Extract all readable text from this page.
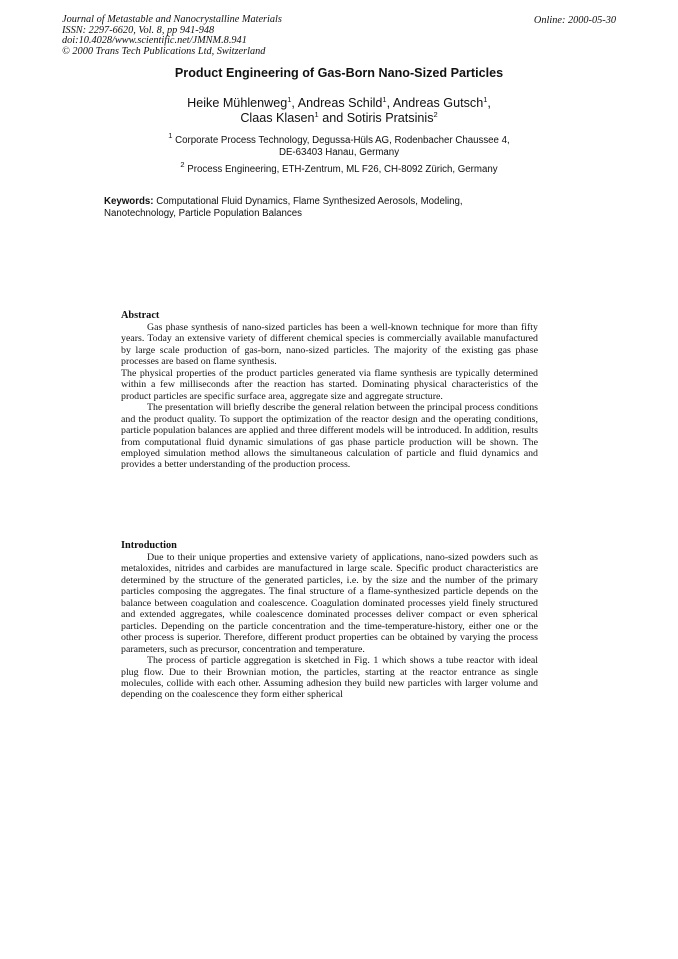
Journal of Metastable and Nanocrystalline Materials
ISSN: 2297-6620, Vol. 8, pp 941-948
doi:10.4028/www.scientific.net/JMNM.8.941
© 2000 Trans Tech Publications Ltd, Switzerland
Online: 2000-05-30
Product Engineering of Gas-Born Nano-Sized Particles
Heike Mühlenweg$^1$, Andreas Schild$^1$, Andreas Gutsch$^1$,
Claas Klasen$^1$ and Sotiris Pratsinis$^2$
$^1$ Corporate Process Technology, Degussa-Hüls AG, Rodenbacher Chaussee 4,
DE-63403 Hanau, Germany
$^2$ Process Engineering, ETH-Zentrum, ML F26, CH-8092 Zürich, Germany
Keywords: Computational Fluid Dynamics, Flame Synthesized Aerosols, Modeling, Nanotechnology, Particle Population Balances
Abstract

Gas phase synthesis of nano-sized particles has been a well-known technique for more than fifty years. Today an extensive variety of different chemical species is commercially available manufactured by large scale production of gas-born, nano-sized particles. The majority of the existing gas phase processes are based on flame synthesis.

The physical properties of the product particles generated via flame synthesis are typically determined within a few milliseconds after the reaction has started. Dominating physical characteristics of the product particles are specific surface area, aggregate size and aggregate structure.

The presentation will briefly describe the general relation between the principal process conditions and the product quality. To support the optimization of the reactor design and the operating conditions, particle population balances are applied and three different models will be introduced. In addition, results from computational fluid dynamic simulations of gas phase particle production will be shown. The employed simulation method allows the simultaneous calculation of particle and fluid dynamics and provides a better understanding of the production process.

Introduction

Due to their unique properties and extensive variety of applications, nano-sized powders such as metaloxides, nitrides and carbides are manufactured in large scale. Specific product characteristics are determined by the structure of the generated particles, i.e. by the size and the number of the primary particles composing the aggregates. The final structure of a flame-synthesized particle depends on the balance between coagulation and coalescence. Coagulation dominated processes yield finely structured and extended aggregates, while coalescence dominated processes deliver compact or even spherical particles. Depending on the particle concentration and the time-temperature-history, either one or the other process is superior. Therefore, different product properties can be obtained by varying the process parameters, such as precursor, concentration and temperature.

The process of particle aggregation is sketched in Fig. 1 which shows a tube reactor with ideal plug flow. Due to their Brownian motion, the particles, starting at the reactor entrance as single molecules, collide with each other. Assuming adhesion they build new particles with larger volume and depending on the coalescence they form either spherical
